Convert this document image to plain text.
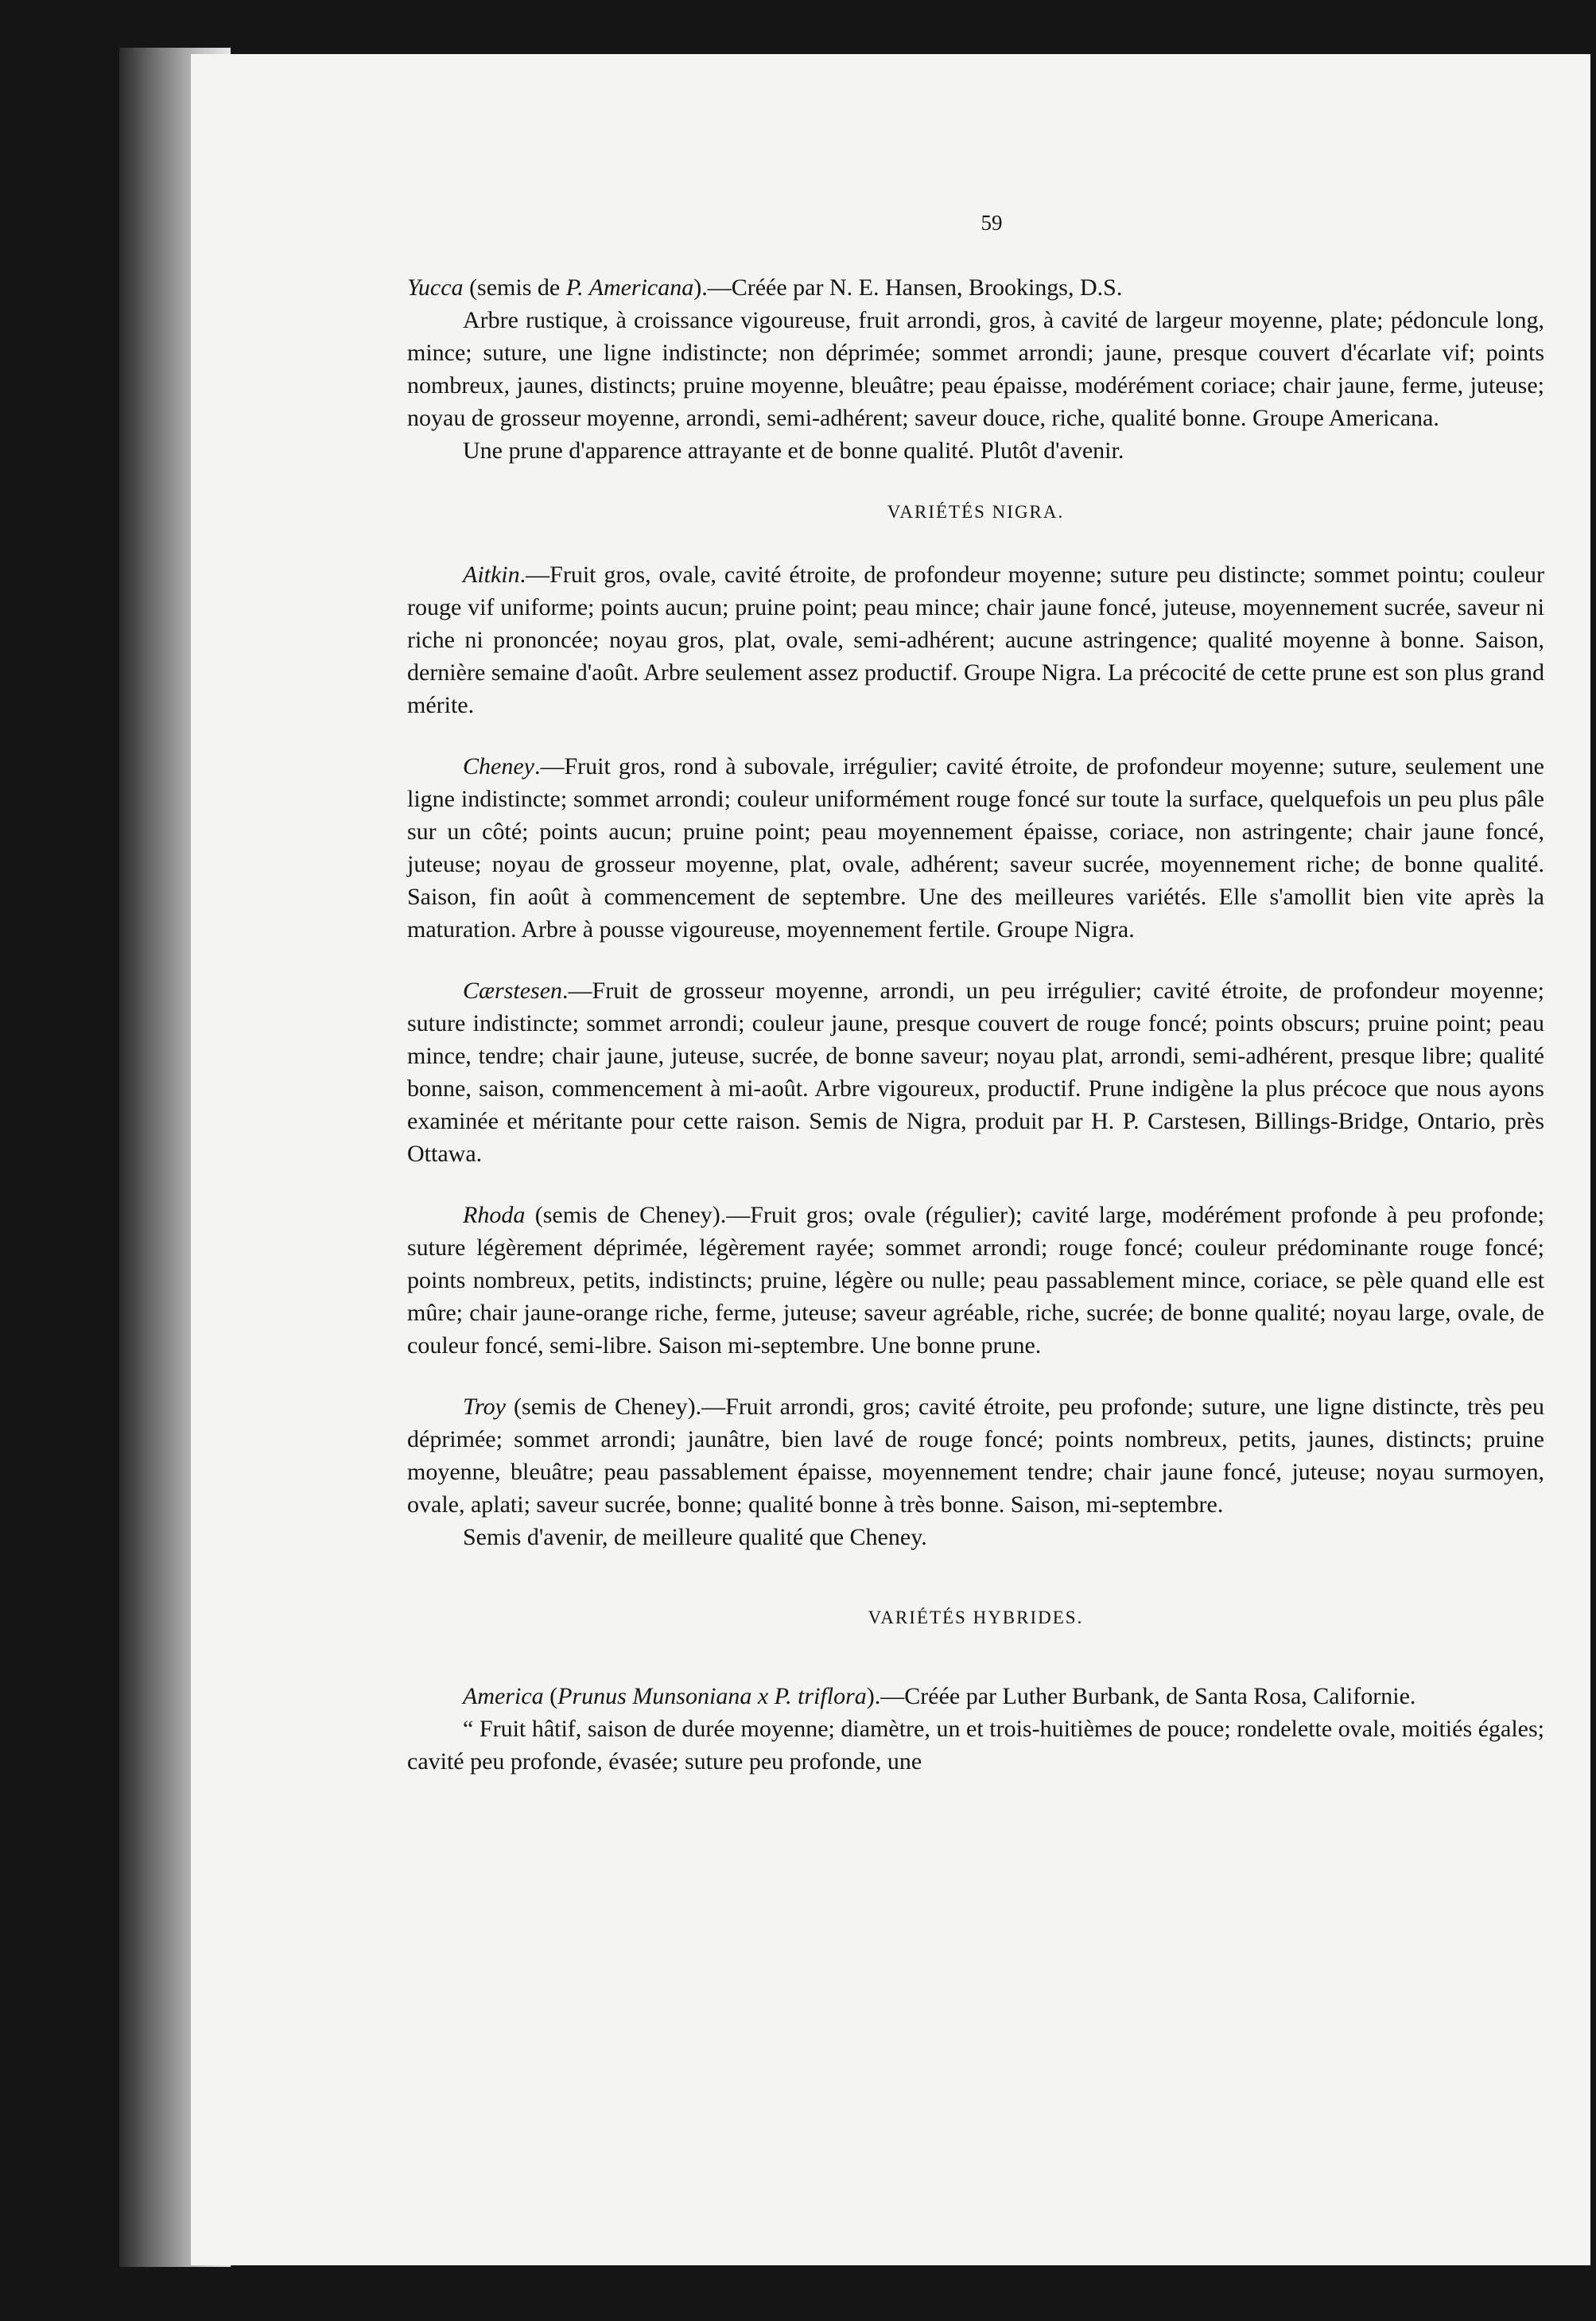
59

Yucca (semis de P. Americana).—Créée par N. E. Hansen, Brookings, D.S.

Arbre rustique, à croissance vigoureuse, fruit arrondi, gros, à cavité de largeur moyenne, plate; pédoncule long, mince; suture, une ligne indistincte; non déprimée; sommet arrondi; jaune, presque couvert d'écarlate vif; points nombreux, jaunes, distincts; pruine moyenne, bleuâtre; peau épaisse, modérément coriace; chair jaune, ferme, juteuse; noyau de grosseur moyenne, arrondi, semi-adhérent; saveur douce, riche, qualité bonne. Groupe Americana.

Une prune d'apparence attrayante et de bonne qualité. Plutôt d'avenir.

VARIÉTÉS NIGRA.

Aitkin.—Fruit gros, ovale, cavité étroite, de profondeur moyenne; suture peu distincte; sommet pointu; couleur rouge vif uniforme; points aucun; pruine point; peau mince; chair jaune foncé, juteuse, moyennement sucrée, saveur ni riche ni prononcée; noyau gros, plat, ovale, semi-adhérent; aucune astringence; qualité moyenne à bonne. Saison, dernière semaine d'août. Arbre seulement assez productif. Groupe Nigra. La précocité de cette prune est son plus grand mérite.

Cheney.—Fruit gros, rond à subovale, irrégulier; cavité étroite, de profondeur moyenne; suture, seulement une ligne indistincte; sommet arrondi; couleur uniformément rouge foncé sur toute la surface, quelquefois un peu plus pâle sur un côté; points aucun; pruine point; peau moyennement épaisse, coriace, non astringente; chair jaune foncé, juteuse; noyau de grosseur moyenne, plat, ovale, adhérent; saveur sucrée, moyennement riche; de bonne qualité. Saison, fin août à commencement de septembre. Une des meilleures variétés. Elle s'amollit bien vite après la maturation. Arbre à pousse vigoureuse, moyennement fertile. Groupe Nigra.

Cærstesen.—Fruit de grosseur moyenne, arrondi, un peu irrégulier; cavité étroite, de profondeur moyenne; suture indistincte; sommet arrondi; couleur jaune, presque couvert de rouge foncé; points obscurs; pruine point; peau mince, tendre; chair jaune, juteuse, sucrée, de bonne saveur; noyau plat, arrondi, semi-adhérent, presque libre; qualité bonne, saison, commencement à mi-août. Arbre vigoureux, productif. Prune indigène la plus précoce que nous ayons examinée et méritante pour cette raison. Semis de Nigra, produit par H. P. Carstesen, Billings-Bridge, Ontario, près Ottawa.

Rhoda (semis de Cheney).—Fruit gros; ovale (régulier); cavité large, modérément profonde à peu profonde; suture légèrement déprimée, légèrement rayée; sommet arrondi; rouge foncé; couleur prédominante rouge foncé; points nombreux, petits, indistincts; pruine, légère ou nulle; peau passablement mince, coriace, se pèle quand elle est mûre; chair jaune-orange riche, ferme, juteuse; saveur agréable, riche, sucrée; de bonne qualité; noyau large, ovale, de couleur foncé, semi-libre. Saison mi-septembre. Une bonne prune.

Troy (semis de Cheney).—Fruit arrondi, gros; cavité étroite, peu profonde; suture, une ligne distincte, très peu déprimée; sommet arrondi; jaunâtre, bien lavé de rouge foncé; points nombreux, petits, jaunes, distincts; pruine moyenne, bleuâtre; peau passablement épaisse, moyennement tendre; chair jaune foncé, juteuse; noyau surmoyen, ovale, aplati; saveur sucrée, bonne; qualité bonne à très bonne. Saison, mi-septembre.

Semis d'avenir, de meilleure qualité que Cheney.

VARIÉTÉS HYBRIDES.

America (Prunus Munsoniana x P. triflora).—Créée par Luther Burbank, de Santa Rosa, Californie.

“ Fruit hâtif, saison de durée moyenne; diamètre, un et trois-huitièmes de pouce; rondelette ovale, moitiés égales; cavité peu profonde, évasée; suture peu profonde, une
